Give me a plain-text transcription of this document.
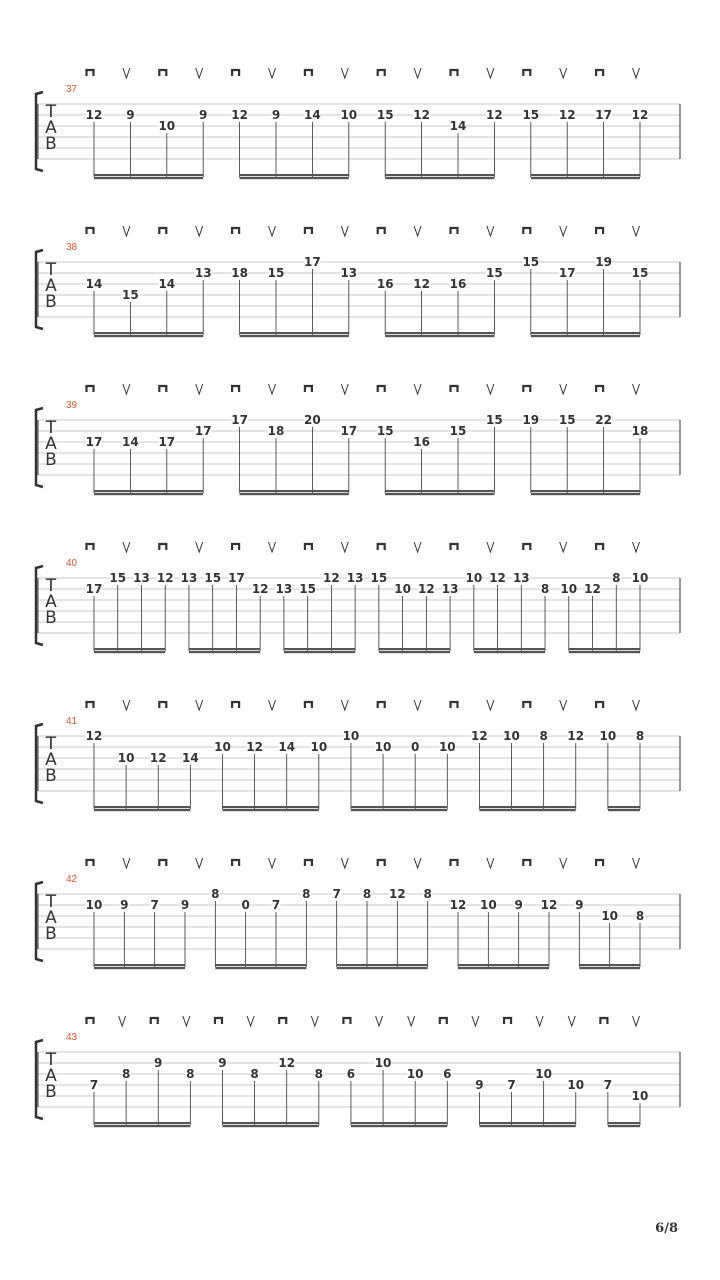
37
T
A
B
12 9
10
9 12 9 14 10 15 12
14
12 15 12 17 12
38
T
A
B
14
15
14
13 18 15
17
13
16 12 16
15
15
17
19
15
39
T
A
B
17 14 17
17
17
18
20
17 15
16
15
15 19 15 22
18
40
T
A
B
17
15 13 12 13 15 17
12 13 15
12 13 15
10 12 13
10 12 13
8 10 12
8 10
41
T
A
B
12
10 12 14
10 12 14 10
10
10 0 10
12 10 8 12 10 8
42
T
A
B
10 9 7 9
8
0 7
8 7 8 12 8
12 10 9 12 9
10 8
43
T
A
B	7
8
9
8
9
8
12
8 6
10
10 6
9 7
10
10 7
10
6/8
